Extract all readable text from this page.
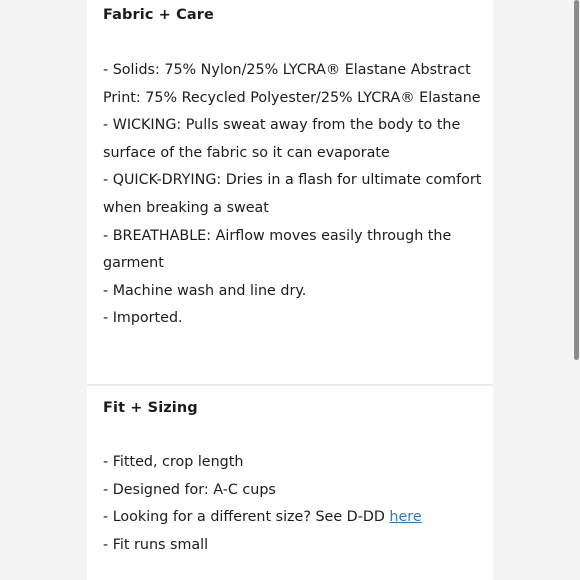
Fabric + Care
- Solids: 75% Nylon/25% LYCRA® Elastane Abstract Print: 75% Recycled Polyester/25% LYCRA® Elastane
- WICKING: Pulls sweat away from the body to the surface of the fabric so it can evaporate
- QUICK-DRYING: Dries in a flash for ultimate comfort when breaking a sweat
- BREATHABLE: Airflow moves easily through the garment
- Machine wash and line dry.
- Imported.
Fit + Sizing
- Fitted, crop length
- Designed for: A-C cups
- Looking for a different size? See D-DD here
- Fit runs small
